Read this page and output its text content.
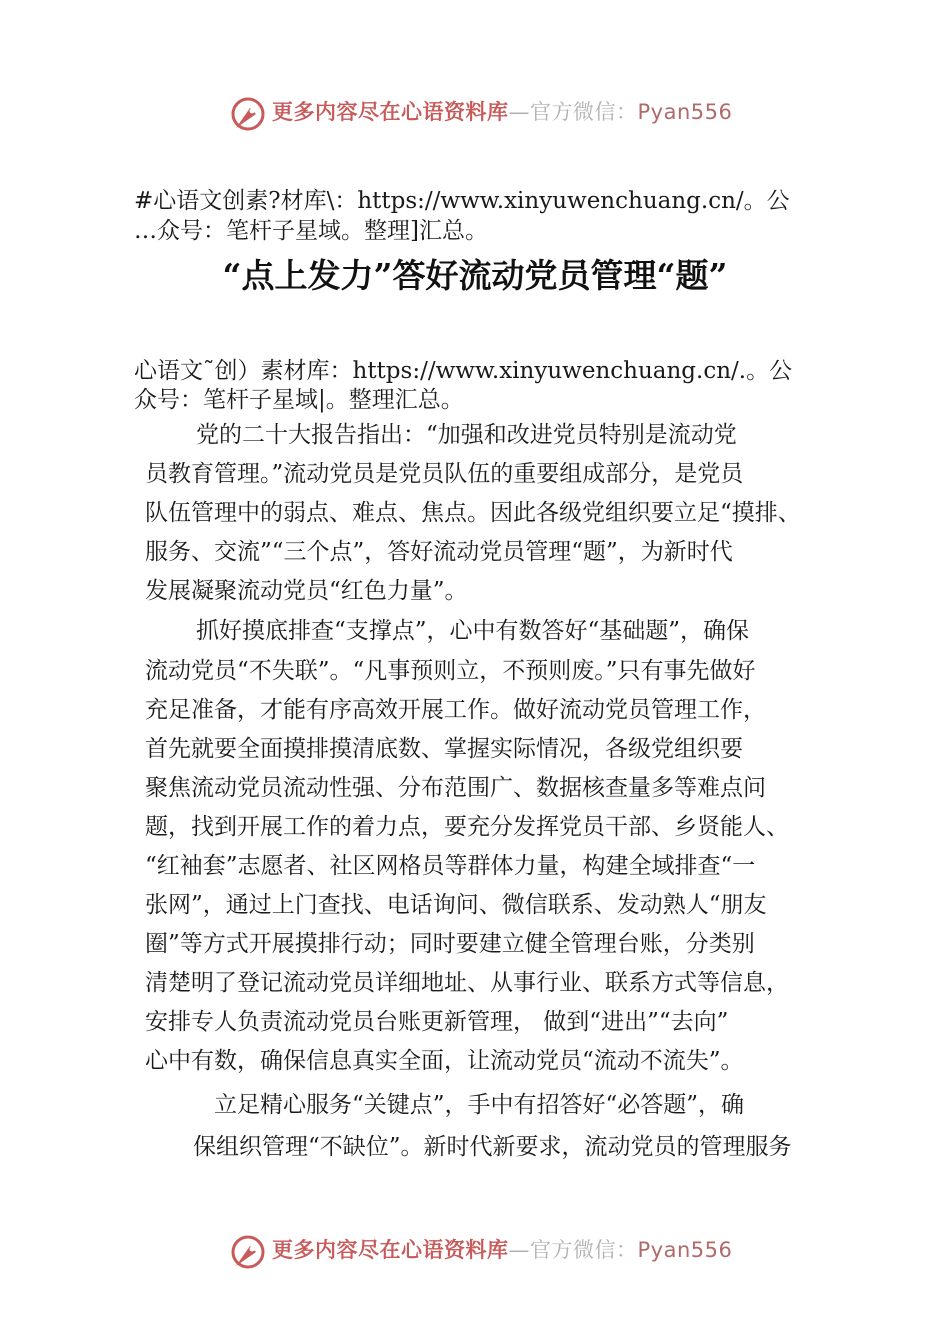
更多内容尽在心语资料库—官方微信：Pyan556
#心语文创素?材库\：https://www.xinyuwenchuang.cn/。公
…众号：笔杆子星域。整理]汇总。
“点上发力”答好流动党员管理“题”
心语文˜创）素材库：https://www.xinyuwenchuang.cn/.。公
众号：笔杆子星域|。整理汇总。
党的二十大报告指出：“加强和改进党员特别是流动党
员教育管理。”流动党员是党员队伍的重要组成部分，是党员
队伍管理中的弱点、难点、焦点。因此各级党组织要立足“摸排、
服务、交流”“三个点”，答好流动党员管理“题”，为新时代
发展凝聚流动党员“红色力量”。
抓好摸底排查“支撑点”，心中有数答好“基础题”，确保
流动党员“不失联”。“凡事预则立，不预则废。”只有事先做好
充足准备，才能有序高效开展工作。做好流动党员管理工作，
首先就要全面摸排摸清底数、掌握实际情况，各级党组织要
聚焦流动党员流动性强、分布范围广、数据核查量多等难点问
题，找到开展工作的着力点，要充分发挥党员干部、乡贤能人、
“红袖套”志愿者、社区网格员等群体力量，构建全域排查“一
张网”，通过上门查找、电话询问、微信联系、发动熟人“朋友
圈”等方式开展摸排行动；同时要建立健全管理台账，分类别
清楚明了登记流动党员详细地址、从事行业、联系方式等信息，
安排专人负责流动党员台账更新管理， 做到“进出”“去向”
心中有数，确保信息真实全面，让流动党员“流动不流失”。
立足精心服务“关键点”，手中有招答好“必答题”，确
保组织管理“不缺位”。新时代新要求，流动党员的管理服务
更多内容尽在心语资料库—官方微信：Pyan556
